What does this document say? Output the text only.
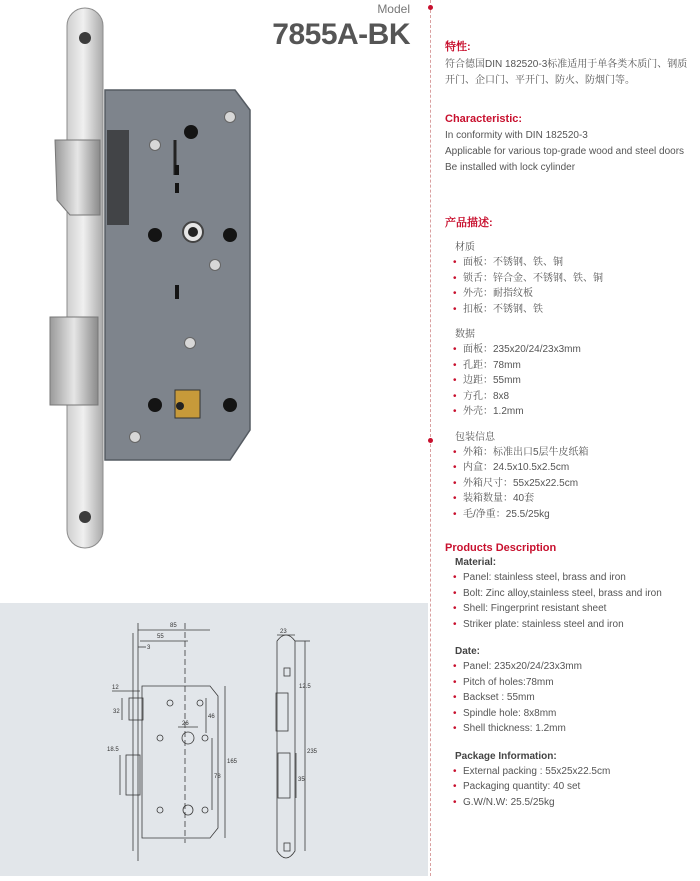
Model
7855A-BK
85
55
3
12
32
18.5
46
26
78
165
23
12.5
235
35
特性:

符合德国DIN 182520-3标准适用于单各类木质门、钢质开门、企口门、平开门、防火、防烟门等。

Characteristic:

In conformity with DIN 182520-3

Applicable for various top-grade wood and steel doors

Be installed with lock cylinder

产品描述:
材质
• 面板：不锈钢、铁、铜
• 锁舌：锌合金、不锈钢、铁、铜
• 外壳：耐指纹板
• 扣板：不锈钢、铁
数据
• 面板：235x20/24/23x3mm
• 孔距：78mm
• 边距：55mm
• 方孔：8x8
• 外壳：1.2mm
包装信息
• 外箱：标准出口5层牛皮纸箱
• 内盒：24.5x10.5x2.5cm
• 外箱尺寸：55x25x22.5cm
• 装箱数量：40套
• 毛/净重：25.5/25kg
Products Description
Material:
• Panel: stainless steel, brass and iron
• Bolt: Zinc alloy,stainless steel, brass and iron
• Shell: Fingerprint resistant sheet
• Striker plate: stainless steel and iron
Date:
• Panel: 235x20/24/23x3mm
• Pitch of holes:78mm
• Backset : 55mm
• Spindle hole: 8x8mm
• Shell thickness: 1.2mm
Package Information:
• External packing : 55x25x22.5cm
• Packaging quantity: 40 set
• G.W/N.W: 25.5/25kg
